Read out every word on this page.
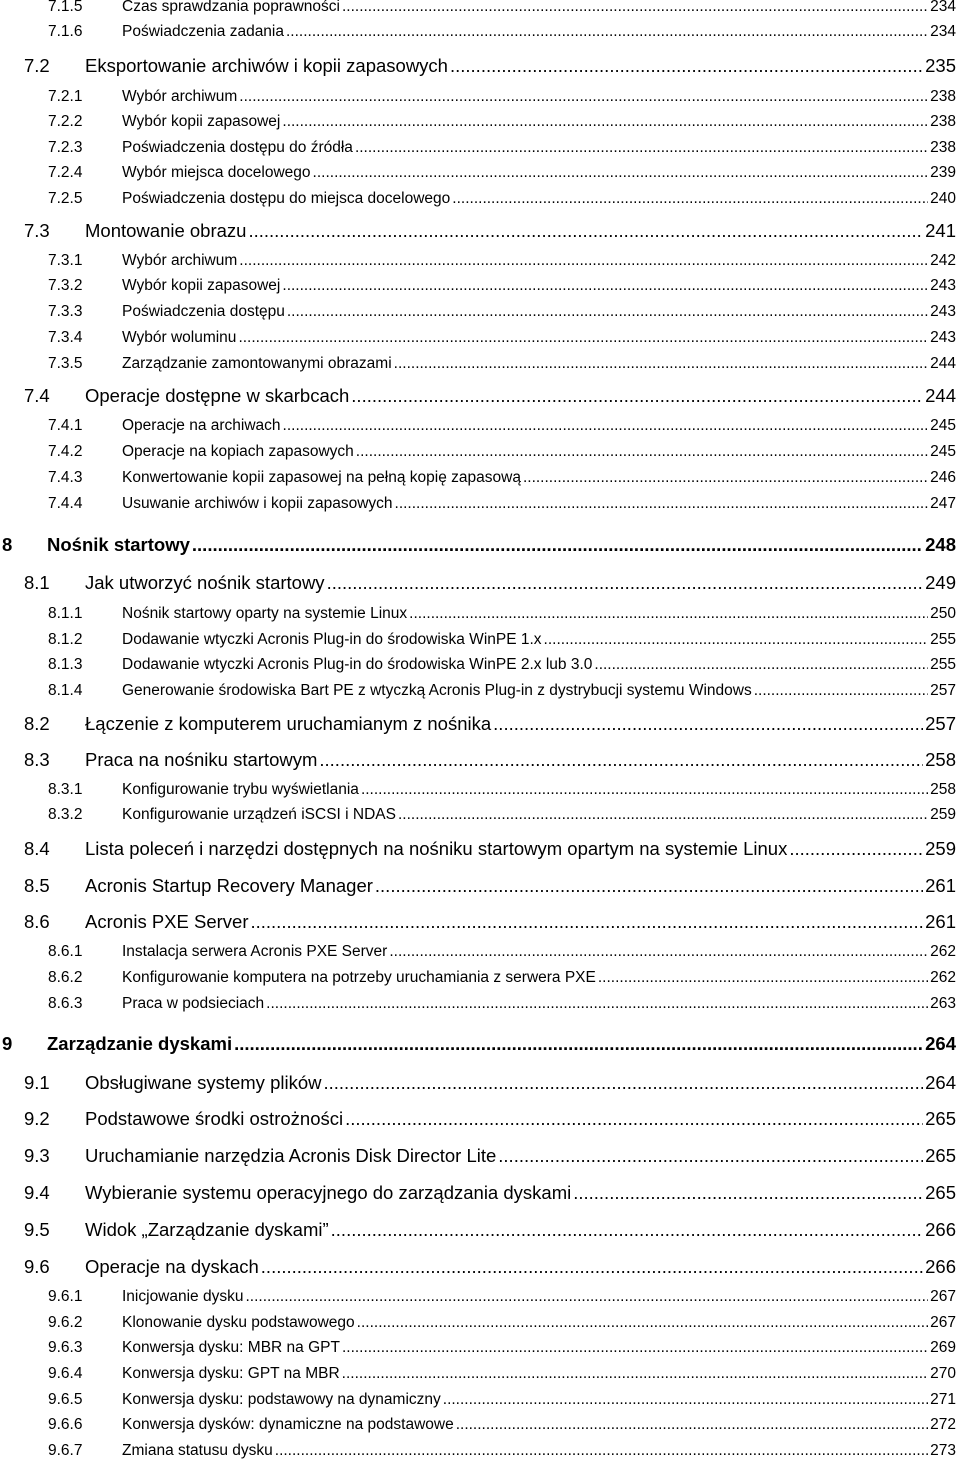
7.1.5	Czas sprawdzania poprawności .....	234
7.1.6	Poświadczenia zadania .....	234
7.2	Eksportowanie archiwów i kopii zapasowych .....	235
7.2.1	Wybór archiwum .....	238
7.2.2	Wybór kopii zapasowej .....	238
7.2.3	Poświadczenia dostępu do źródła .....	238
7.2.4	Wybór miejsca docelowego .....	239
7.2.5	Poświadczenia dostępu do miejsca docelowego .....	240
7.3	Montowanie obrazu .....	241
7.3.1	Wybór archiwum .....	242
7.3.2	Wybór kopii zapasowej .....	243
7.3.3	Poświadczenia dostępu .....	243
7.3.4	Wybór woluminu .....	243
7.3.5	Zarządzanie zamontowanymi obrazami .....	244
7.4	Operacje dostępne w skarbcach .....	244
7.4.1	Operacje na archiwach .....	245
7.4.2	Operacje na kopiach zapasowych .....	245
7.4.3	Konwertowanie kopii zapasowej na pełną kopię zapasową .....	246
7.4.4	Usuwanie archiwów i kopii zapasowych .....	247
8	Nośnik startowy .....	248
8.1	Jak utworzyć nośnik startowy .....	249
8.1.1	Nośnik startowy oparty na systemie Linux .....	250
8.1.2	Dodawanie wtyczki Acronis Plug-in do środowiska WinPE 1.x .....	255
8.1.3	Dodawanie wtyczki Acronis Plug-in do środowiska WinPE 2.x lub 3.0 .....	255
8.1.4	Generowanie środowiska Bart PE z wtyczką Acronis Plug-in z dystrybucji systemu Windows .....	257
8.2	Łączenie z komputerem uruchamianym z nośnika .....	257
8.3	Praca na nośniku startowym .....	258
8.3.1	Konfigurowanie trybu wyświetlania .....	258
8.3.2	Konfigurowanie urządzeń iSCSI i NDAS .....	259
8.4	Lista poleceń i narzędzi dostępnych na nośniku startowym opartym na systemie Linux .....	259
8.5	Acronis Startup Recovery Manager .....	261
8.6	Acronis PXE Server .....	261
8.6.1	Instalacja serwera Acronis PXE Server .....	262
8.6.2	Konfigurowanie komputera na potrzeby uruchamiania z serwera PXE .....	262
8.6.3	Praca w podsieciach .....	263
9	Zarządzanie dyskami .....	264
9.1	Obsługiwane systemy plików .....	264
9.2	Podstawowe środki ostrożności .....	265
9.3	Uruchamianie narzędzia Acronis Disk Director Lite .....	265
9.4	Wybieranie systemu operacyjnego do zarządzania dyskami .....	265
9.5	Widok „Zarządzanie dyskami” .....	266
9.6	Operacje na dyskach .....	266
9.6.1	Inicjowanie dysku .....	267
9.6.2	Klonowanie dysku podstawowego .....	267
9.6.3	Konwersja dysku: MBR na GPT .....	269
9.6.4	Konwersja dysku: GPT na MBR .....	270
9.6.5	Konwersja dysku: podstawowy na dynamiczny .....	271
9.6.6	Konwersja dysków: dynamiczne na podstawowe .....	272
9.6.7	Zmiana statusu dysku .....	273
